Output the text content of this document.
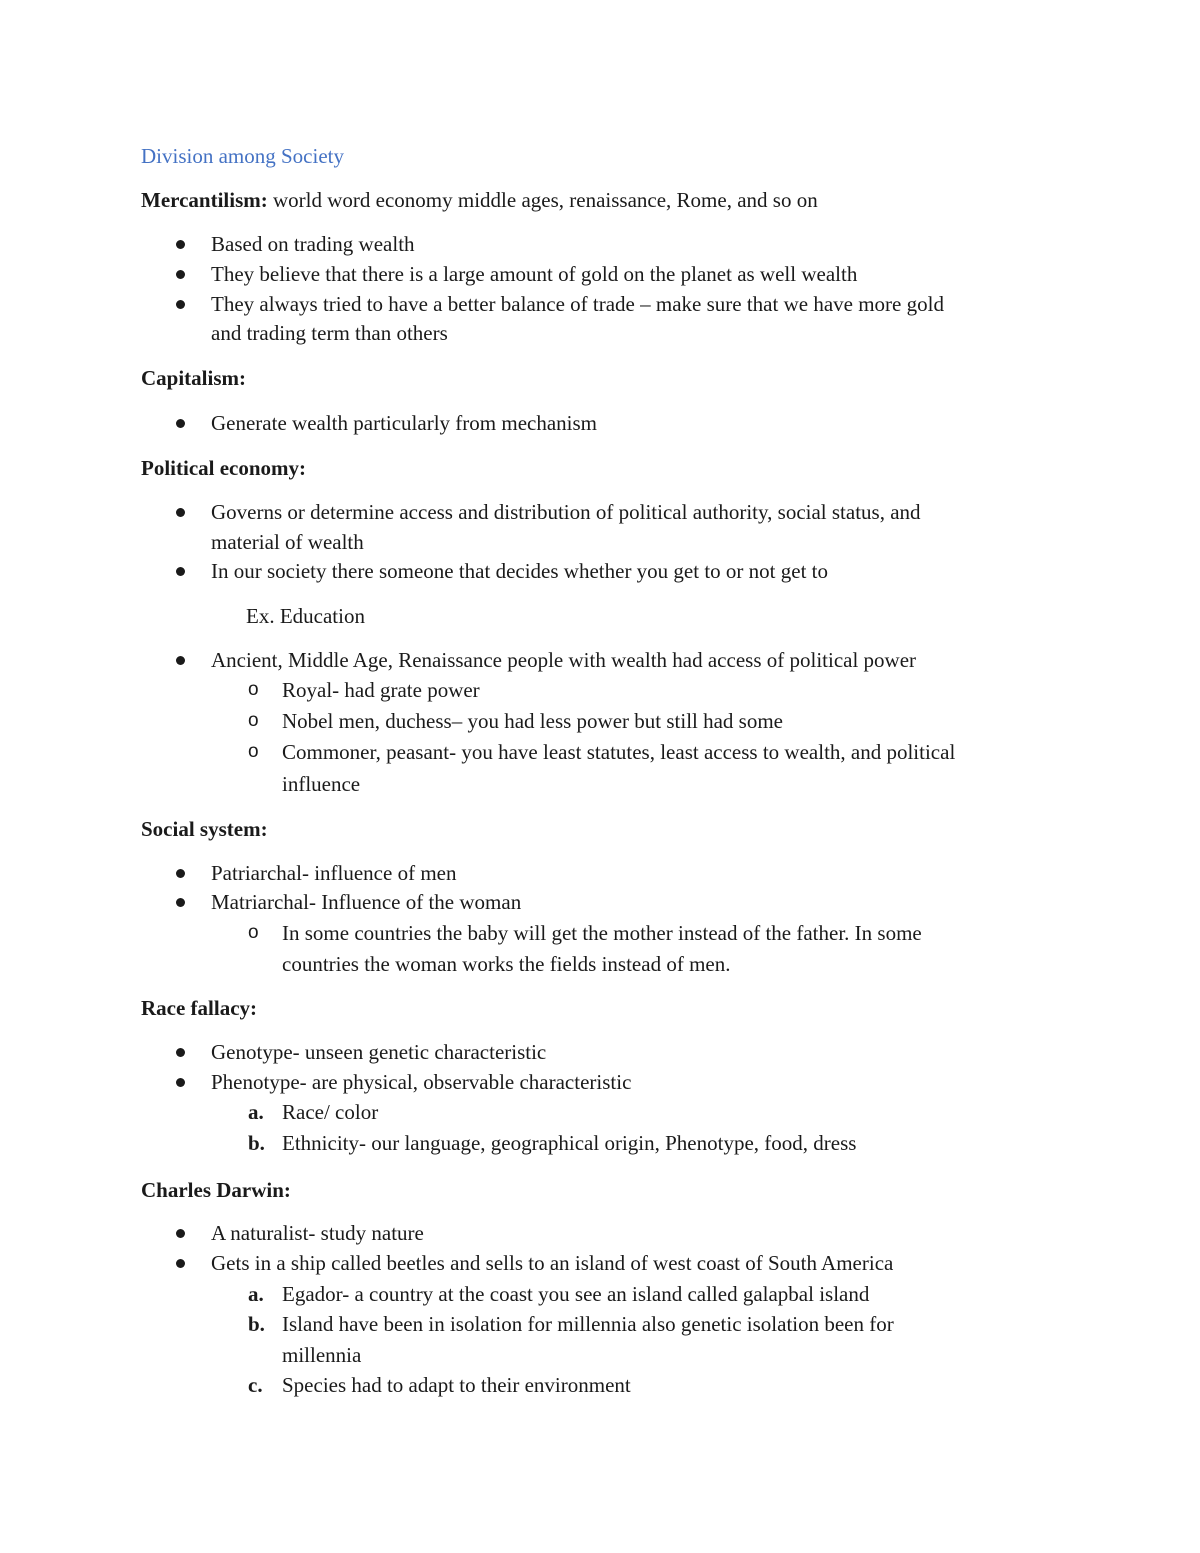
Division among Society

Mercantilism: world word economy middle ages, renaissance, Rome, and so on

Based on trading wealth

They believe that there is a large amount of gold on the planet as well wealth

They always tried to have a better balance of trade – make sure that we have more gold

and trading term than others

Capitalism:

Generate wealth particularly from mechanism

Political economy:

Governs or determine access and distribution of political authority, social status, and

material of wealth

In our society there someone that decides whether you get to or not get to

Ex. Education

Ancient, Middle Age, Renaissance people with wealth had access of political power

o Royal- had grate power

o Nobel men, duchess– you had less power but still had some

o Commoner, peasant- you have least statutes, least access to wealth, and political

influence

Social system:

Patriarchal- influence of men

Matriarchal- Influence of the woman

o In some countries the baby will get the mother instead of the father. In some

countries the woman works the fields instead of men.

Race fallacy:

Genotype- unseen genetic characteristic

Phenotype- are physical, observable characteristic

a. Race/ color

b. Ethnicity- our language, geographical origin, Phenotype, food, dress

Charles Darwin:

A naturalist- study nature

Gets in a ship called beetles and sells to an island of west coast of South America

a. Egador- a country at the coast you see an island called galapbal island

b. Island have been in isolation for millennia also genetic isolation been for

millennia

c. Species had to adapt to their environment
